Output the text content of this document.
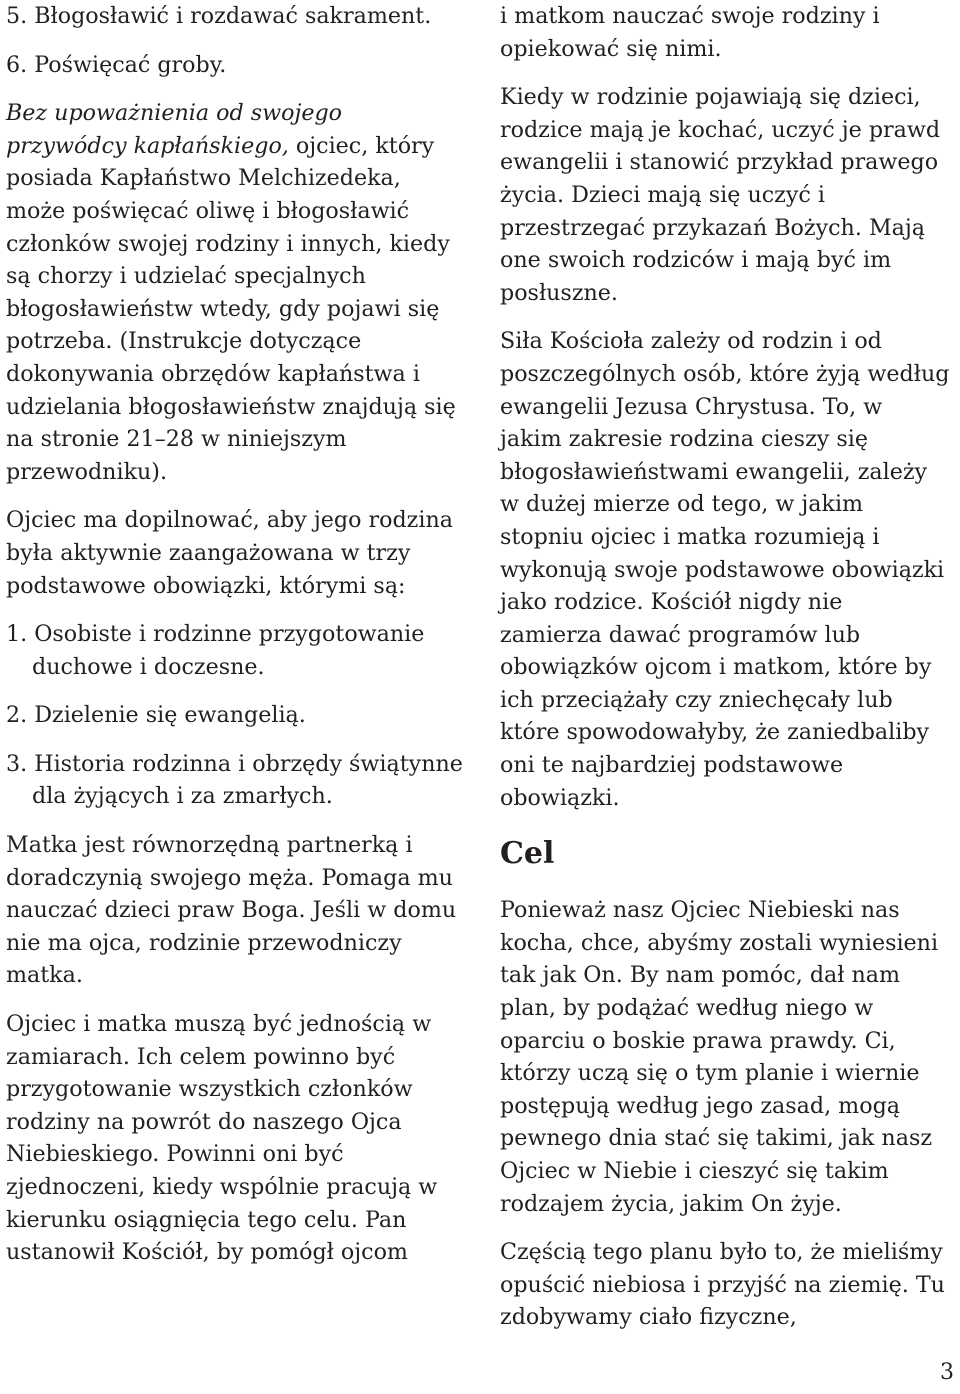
5. Błogosławić i rozdawać sakrament.

6. Poświęcać groby.

Bez upoważnienia od swojego przywódcy kapłańskiego, ojciec, który posiada Kapłaństwo Melchizedeka, może poświęcać oliwę i błogosławić członków swojej rodziny i innych, kiedy są chorzy i udzielać specjalnych błogosławieństw wtedy, gdy pojawi się potrzeba. (Instrukcje dotyczące dokonywania obrzędów kapłaństwa i udzielania błogosławieństw znajdują się na stronie 21–28 w niniejszym przewodniku).

Ojciec ma dopilnować, aby jego rodzina była aktywnie zaangażowana w trzy podstawowe obowiązki, którymi są:

1. Osobiste i rodzinne przygotowanie duchowe i doczesne.

2. Dzielenie się ewangelią.

3. Historia rodzinna i obrzędy świątynne dla żyjących i za zmarłych.

Matka jest równorzędną partnerką i doradczynią swojego męża. Pomaga mu nauczać dzieci praw Boga. Jeśli w domu nie ma ojca, rodzinie przewodniczy matka.

Ojciec i matka muszą być jednością w zamiarach. Ich celem powinno być przygotowanie wszystkich członków rodziny na powrót do naszego Ojca Niebieskiego. Powinni oni być zjednoczeni, kiedy wspólnie pracują w kierunku osiągnięcia tego celu. Pan ustanowił Kościół, by pomógł ojcom

i matkom nauczać swoje rodziny i opiekować się nimi.

Kiedy w rodzinie pojawiają się dzieci, rodzice mają je kochać, uczyć je prawd ewangelii i stanowić przykład prawego życia. Dzieci mają się uczyć i przestrzegać przykazań Bożych. Mają one swoich rodziców i mają być im posłuszne.

Siła Kościoła zależy od rodzin i od poszczególnych osób, które żyją według ewangelii Jezusa Chrystusa. To, w jakim zakresie rodzina cieszy się błogosławieństwami ewangelii, zależy w dużej mierze od tego, w jakim stopniu ojciec i matka rozumieją i wykonują swoje podstawowe obowiązki jako rodzice. Kościół nigdy nie zamierza dawać programów lub obowiązków ojcom i matkom, które by ich przeciążały czy zniechęcały lub które spowodowałyby, że zaniedbaliby oni te najbardziej podstawowe obowiązki.

Cel

Ponieważ nasz Ojciec Niebieski nas kocha, chce, abyśmy zostali wyniesieni tak jak On. By nam pomóc, dał nam plan, by podążać według niego w oparciu o boskie prawa prawdy. Ci, którzy uczą się o tym planie i wiernie postępują według jego zasad, mogą pewnego dnia stać się takimi, jak nasz Ojciec w Niebie i cieszyć się takim rodzajem życia, jakim On żyje.

Częścią tego planu było to, że mieliśmy opuścić niebiosa i przyjść na ziemię. Tu zdobywamy ciało fizyczne,

3
